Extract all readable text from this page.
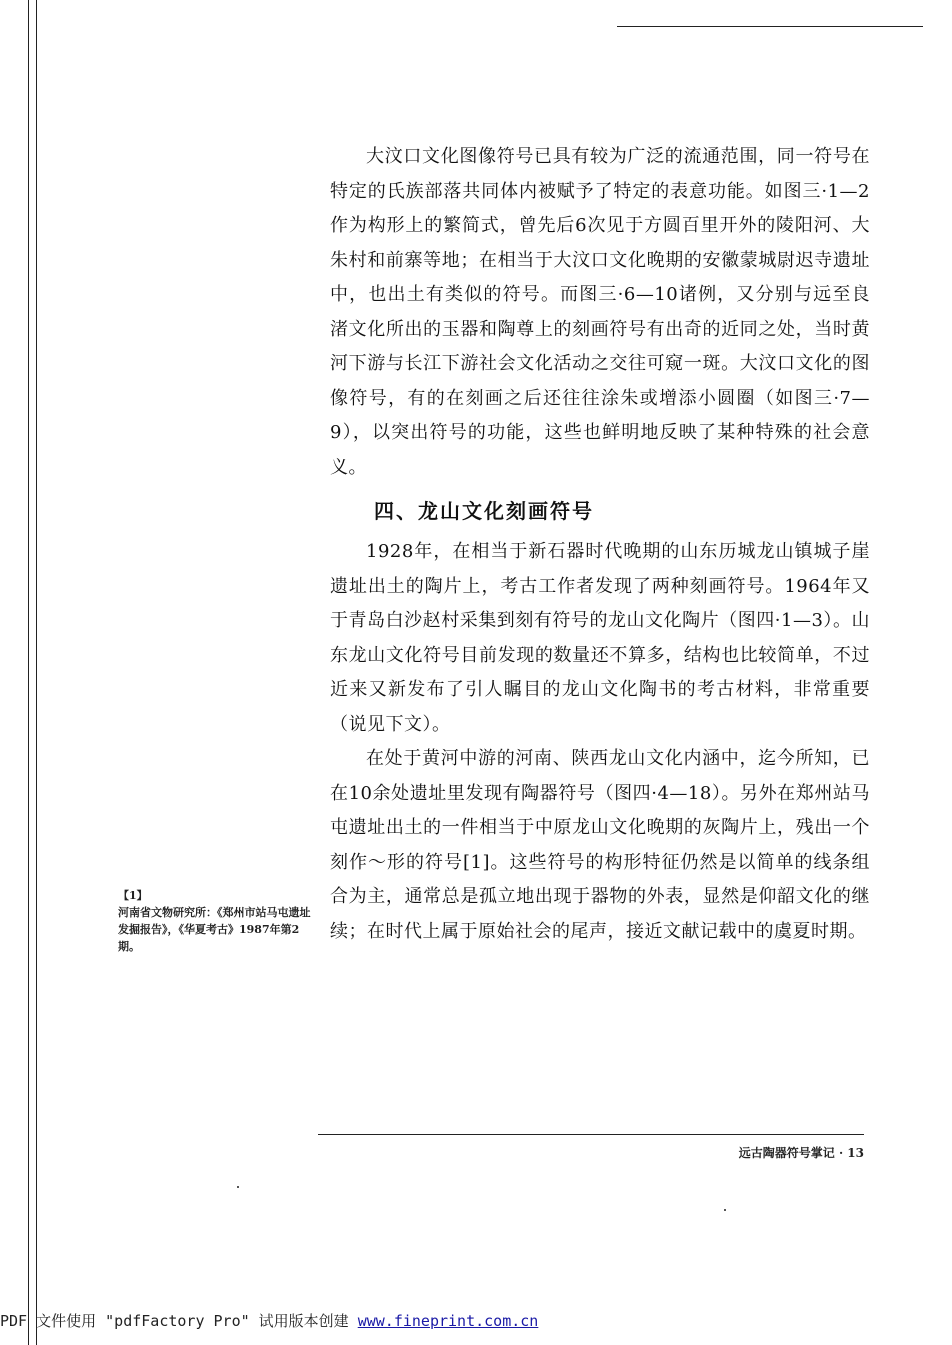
大汶口文化图像符号已具有较为广泛的流通范围，同一符号在特定的氏族部落共同体内被赋予了特定的表意功能。如图三·1—2作为构形上的繁简式，曾先后6次见于方圆百里开外的陵阳河、大朱村和前寨等地；在相当于大汶口文化晚期的安徽蒙城尉迟寺遗址中，也出土有类似的符号。而图三·6—10诸例，又分别与远至良渚文化所出的玉器和陶尊上的刻画符号有出奇的近同之处，当时黄河下游与长江下游社会文化活动之交往可窥一斑。大汶口文化的图像符号，有的在刻画之后还往往涂朱或增添小圆圈（如图三·7—9），以突出符号的功能，这些也鲜明地反映了某种特殊的社会意义。

四、龙山文化刻画符号

1928年，在相当于新石器时代晚期的山东历城龙山镇城子崖遗址出土的陶片上，考古工作者发现了两种刻画符号。1964年又于青岛白沙赵村采集到刻有符号的龙山文化陶片（图四·1—3）。山东龙山文化符号目前发现的数量还不算多，结构也比较简单，不过近来又新发布了引人瞩目的龙山文化陶书的考古材料，非常重要（说见下文）。

在处于黄河中游的河南、陕西龙山文化内涵中，迄今所知，已在10余处遗址里发现有陶器符号（图四·4—18）。另外在郑州站马屯遗址出土的一件相当于中原龙山文化晚期的灰陶片上，残出一个刻作〜形的符号[1]。这些符号的构形特征仍然是以简单的线条组合为主，通常总是孤立地出现于器物的外表，显然是仰韶文化的继续；在时代上属于原始社会的尾声，接近文献记载中的虞夏时期。

【1】
河南省文物研究所：《郑州市站马屯遗址发掘报告》，《华夏考古》1987年第2期。
远古陶器符号掌记 · 13
PDF 文件使用 "pdfFactory Pro" 试用版本创建 www.fineprint.com.cn
